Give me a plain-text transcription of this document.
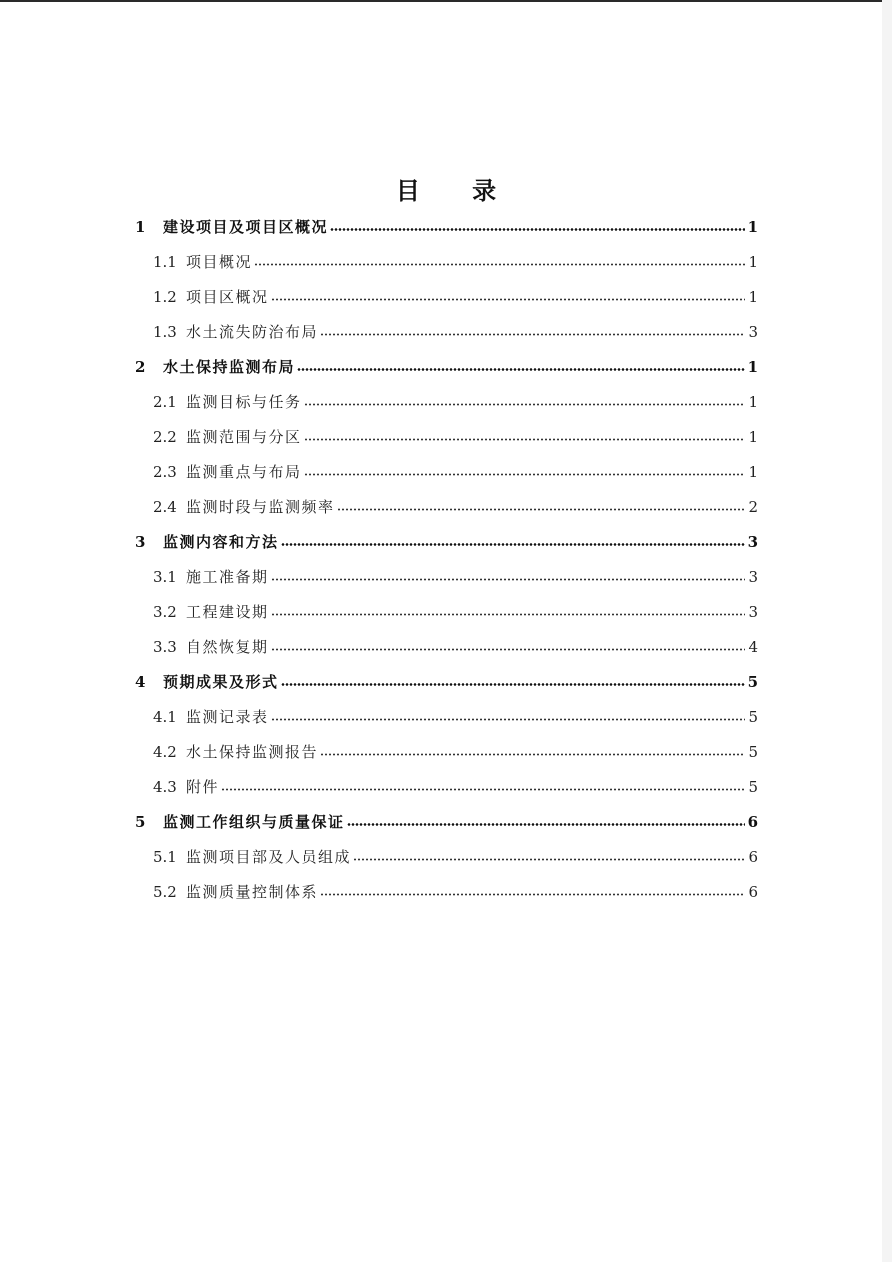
目 录
1	建设项目及项目区概况	1
1.1 项目概况	1
1.2 项目区概况	1
1.3 水土流失防治布局	3
2	水土保持监测布局	1
2.1 监测目标与任务	1
2.2 监测范围与分区	1
2.3 监测重点与布局	1
2.4 监测时段与监测频率	2
3	监测内容和方法	3
3.1 施工准备期	3
3.2 工程建设期	3
3.3 自然恢复期	4
4	预期成果及形式	5
4.1 监测记录表	5
4.2 水土保持监测报告	5
4.3 附件	5
5	监测工作组织与质量保证	6
5.1 监测项目部及人员组成	6
5.2 监测质量控制体系	6
